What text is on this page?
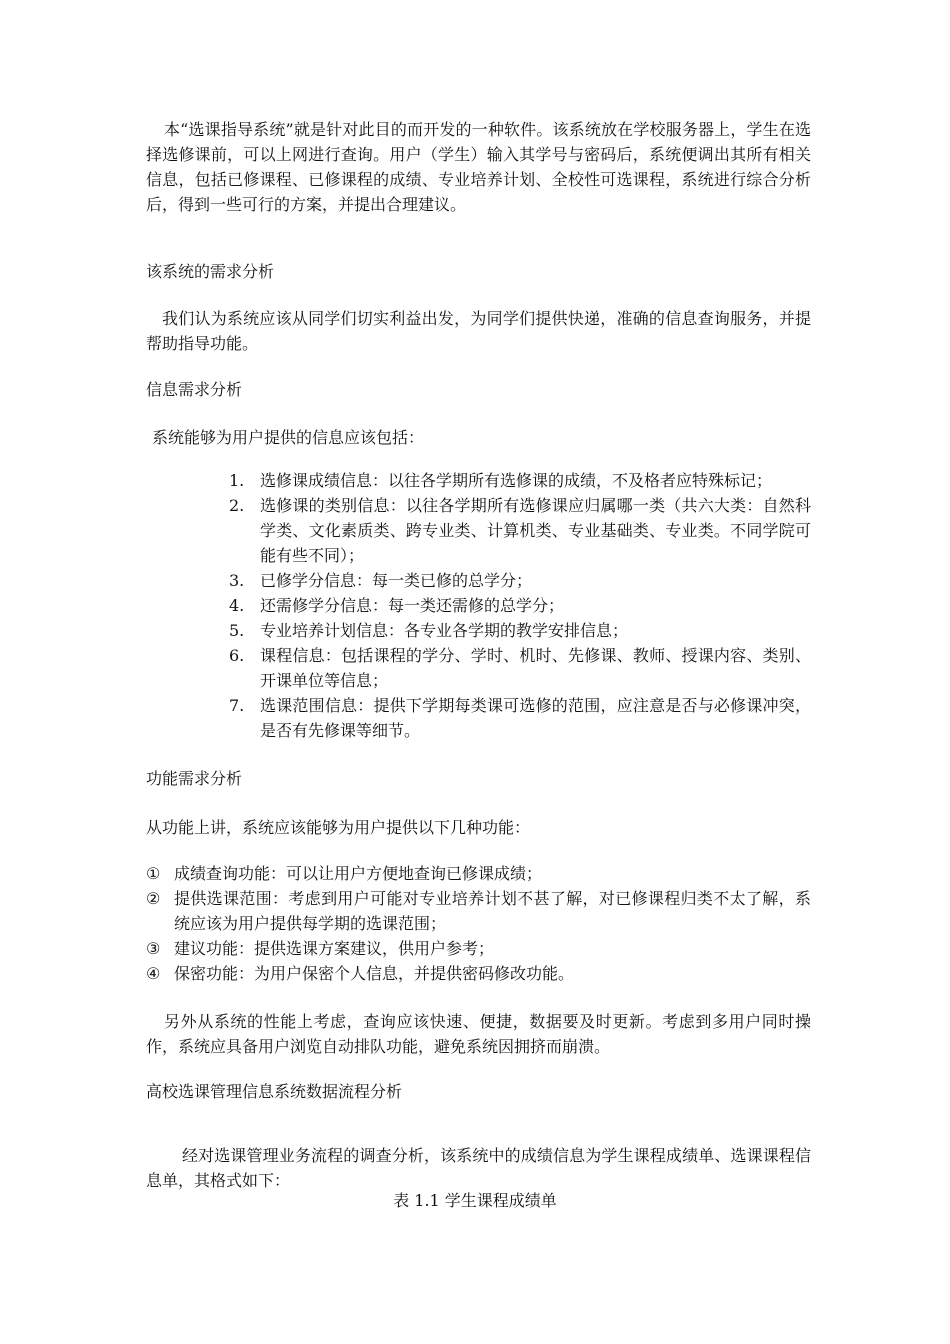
本“选课指导系统”就是针对此目的而开发的一种软件。该系统放在学校服务器上，学生在选择选修课前，可以上网进行查询。用户（学生）输入其学号与密码后，系统便调出其所有相关信息，包括已修课程、已修课程的成绩、专业培养计划、全校性可选课程，系统进行综合分析后，得到一些可行的方案，并提出合理建议。
该系统的需求分析
我们认为系统应该从同学们切实利益出发，为同学们提供快递，准确的信息查询服务，并提帮助指导功能。
信息需求分析
系统能够为用户提供的信息应该包括：
1. 选修课成绩信息：以往各学期所有选修课的成绩，不及格者应特殊标记；
2. 选修课的类别信息：以往各学期所有选修课应归属哪一类（共六大类：自然科学类、文化素质类、跨专业类、计算机类、专业基础类、专业类。不同学院可能有些不同）；
3. 已修学分信息：每一类已修的总学分；
4. 还需修学分信息：每一类还需修的总学分；
5. 专业培养计划信息：各专业各学期的教学安排信息；
6. 课程信息：包括课程的学分、学时、机时、先修课、教师、授课内容、类别、开课单位等信息；
7. 选课范围信息：提供下学期每类课可选修的范围，应注意是否与必修课冲突，是否有先修课等细节。
功能需求分析
从功能上讲，系统应该能够为用户提供以下几种功能：
① 成绩查询功能：可以让用户方便地查询已修课成绩；
② 提供选课范围：考虑到用户可能对专业培养计划不甚了解，对已修课程归类不太了解，系统应该为用户提供每学期的选课范围；
③ 建议功能：提供选课方案建议，供用户参考；
④ 保密功能：为用户保密个人信息，并提供密码修改功能。
另外从系统的性能上考虑，查询应该快速、便捷，数据要及时更新。考虑到多用户同时操作，系统应具备用户浏览自动排队功能，避免系统因拥挤而崩溃。
高校选课管理信息系统数据流程分析
经对选课管理业务流程的调查分析，该系统中的成绩信息为学生课程成绩单、选课课程信息单，其格式如下：
表 1.1 学生课程成绩单
